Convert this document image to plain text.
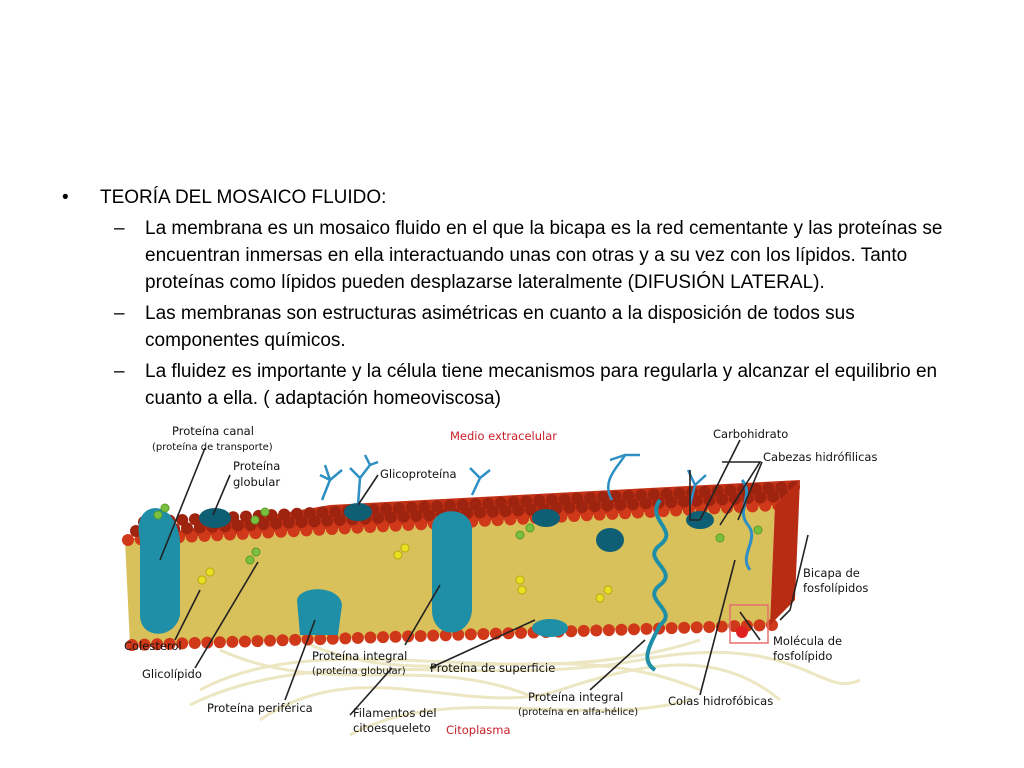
•	TEORÍA DEL MOSAICO FLUIDO:
–	La membrana es un mosaico fluido en el que la bicapa es la red cementante y las proteínas se encuentran inmersas en ella interactuando unas con otras y a su vez con los lípidos. Tanto proteínas como lípidos pueden desplazarse lateralmente (DIFUSIÓN LATERAL).
–	Las membranas son estructuras asimétricas en cuanto a la disposición de todos sus componentes químicos.
–	La fluidez es importante y la célula tiene mecanismos para regularla y alcanzar el equilibrio en cuanto a ella. ( adaptación homeoviscosa)
Proteína canal
(proteína de transporte)
Medio extracelular
Proteína
globular
Glicoproteína
Carbohidrato
Cabezas hidrófilicas
Bicapa de
fosfolípidos
Molécula de
fosfolípido
Colesterol
Glicolípido
Proteína integral
(proteína globular) Proteína de superficie
Proteína periférica	Filamentos del
citoesqueleto
Proteína integral
(proteína en alfa-hélice)
Colas hidrofóbicas
Citoplasma
